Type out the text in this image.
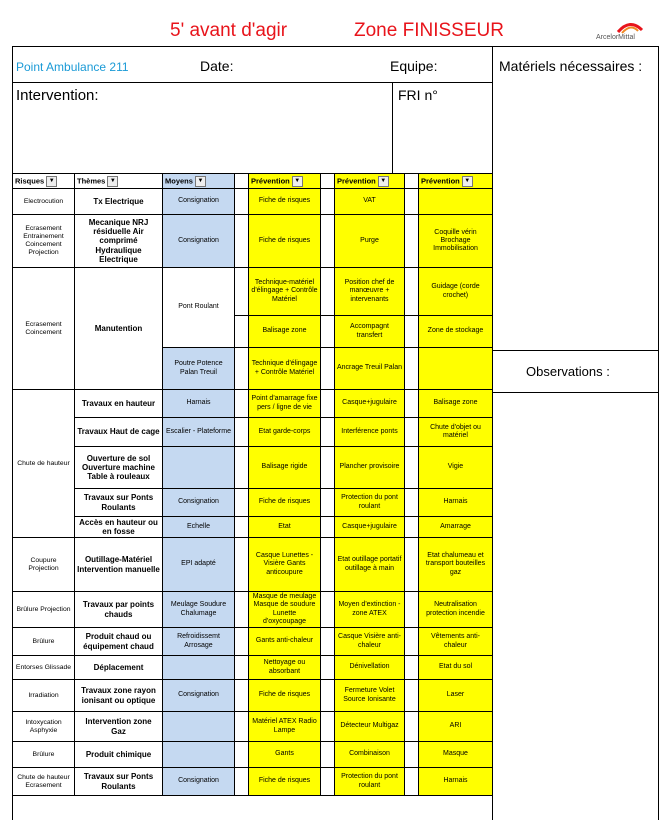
5' avant d'agir	Zone FINISSEUR	ArcelorMittal
Point Ambulance 211	Date:	Equipe:	Matériels nécessaires :
Intervention:	FRI n°
Observations :
Risques ▼	Thèmes ▼	Moyens ▼		Prévention ▼		Prévention ▼		Prévention ▼
Electrocution	Tx Electrique	Consignation		Fiche de risques		VAT		
Ecrasement Entrainement Coincement Projection	Mecanique NRJ résiduelle Air comprimé Hydraulique Electrique	Consignation		Fiche de risques		Purge		Coquille vérin Brochage Immobilisation
Ecrasement Coincement	Manutention	Pont Roulant		Technique-matériel d'élingage + Contrôle Matériel		Position chef de manœuvre + intervenants		Guidage (corde crochet)
				Balisage zone		Accompagnt transfert		Zone de stockage
		Poutre Potence Palan Treuil		Technique d'élingage + Contrôle Matériel		Ancrage Treuil Palan		
Chute de hauteur	Travaux en hauteur	Harnais		Point d'amarrage fixe pers / ligne de vie		Casque+jugulaire		Balisage zone
	Travaux Haut de cage	Escalier - Plateforme		Etat garde-corps		Interférence ponts		Chute d'objet ou matériel
	Ouverture de sol Ouverture machine Table à rouleaux			Balisage rigide		Plancher provisoire		Vigie
	Travaux sur Ponts Roulants	Consignation		Fiche de risques		Protection du pont roulant		Harnais
	Accès en hauteur ou en fosse	Echelle		Etat		Casque+jugulaire		Amarrage
Coupure Projection	Outillage-Matériel Intervention manuelle	EPI adapté		Casque Lunettes - Visière Gants anticoupure		Etat outillage portatif outillage à main		Etat chalumeau et transport bouteilles gaz
Brûlure Projection	Travaux par points chauds	Meulage Soudure Chalumage		Masque de meulage Masque de soudure Lunette d'oxycoupage		Moyen d'extinction - zone ATEX		Neutralisation protection incendie
Brûlure	Produit chaud ou équipement chaud	Refroidissemt Arrosage		Gants anti-chaleur		Casque Visière anti-chaleur		Vêtements anti-chaleur
Entorses Glissade	Déplacement			Nettoyage ou absorbant		Dénivellation		Etat du sol
Irradiation	Travaux zone rayon ionisant ou optique	Consignation		Fiche de risques		Fermeture Volet Source Ionisante		Laser
Intoxycation Asphyxie	Intervention zone Gaz			Matériel ATEX Radio Lampe		Détecteur Multigaz		ARI
Brûlure	Produit chimique			Gants		Combinaison		Masque
Chute de hauteur Ecrasement	Travaux sur Ponts Roulants	Consignation		Fiche de risques		Protection du pont roulant		Harnais
